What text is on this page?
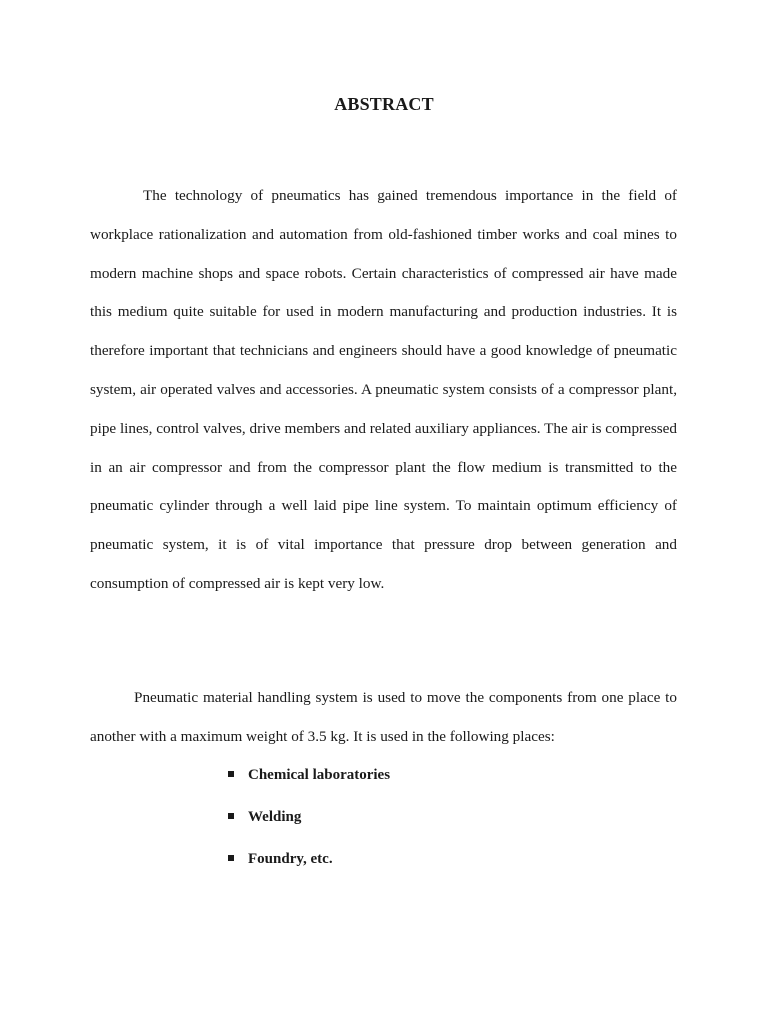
ABSTRACT

The technology of pneumatics has gained tremendous importance in the field of workplace rationalization and automation from old-fashioned timber works and coal mines to modern machine shops and space robots. Certain characteristics of compressed air have made this medium quite suitable for used in modern manufacturing and production industries. It is therefore important that technicians and engineers should have a good knowledge of pneumatic system, air operated valves and accessories. A pneumatic system consists of a compressor plant, pipe lines, control valves, drive members and related auxiliary appliances. The air is compressed in an air compressor and from the compressor plant the flow medium is transmitted to the pneumatic cylinder through a well laid pipe line system. To maintain optimum efficiency of pneumatic system, it is of vital importance that pressure drop between generation and consumption of compressed air is kept very low.

Pneumatic material handling system is used to move the components from one place to another with a maximum weight of 3.5 kg. It is used in the following places:

Chemical laboratories
Welding
Foundry, etc.
